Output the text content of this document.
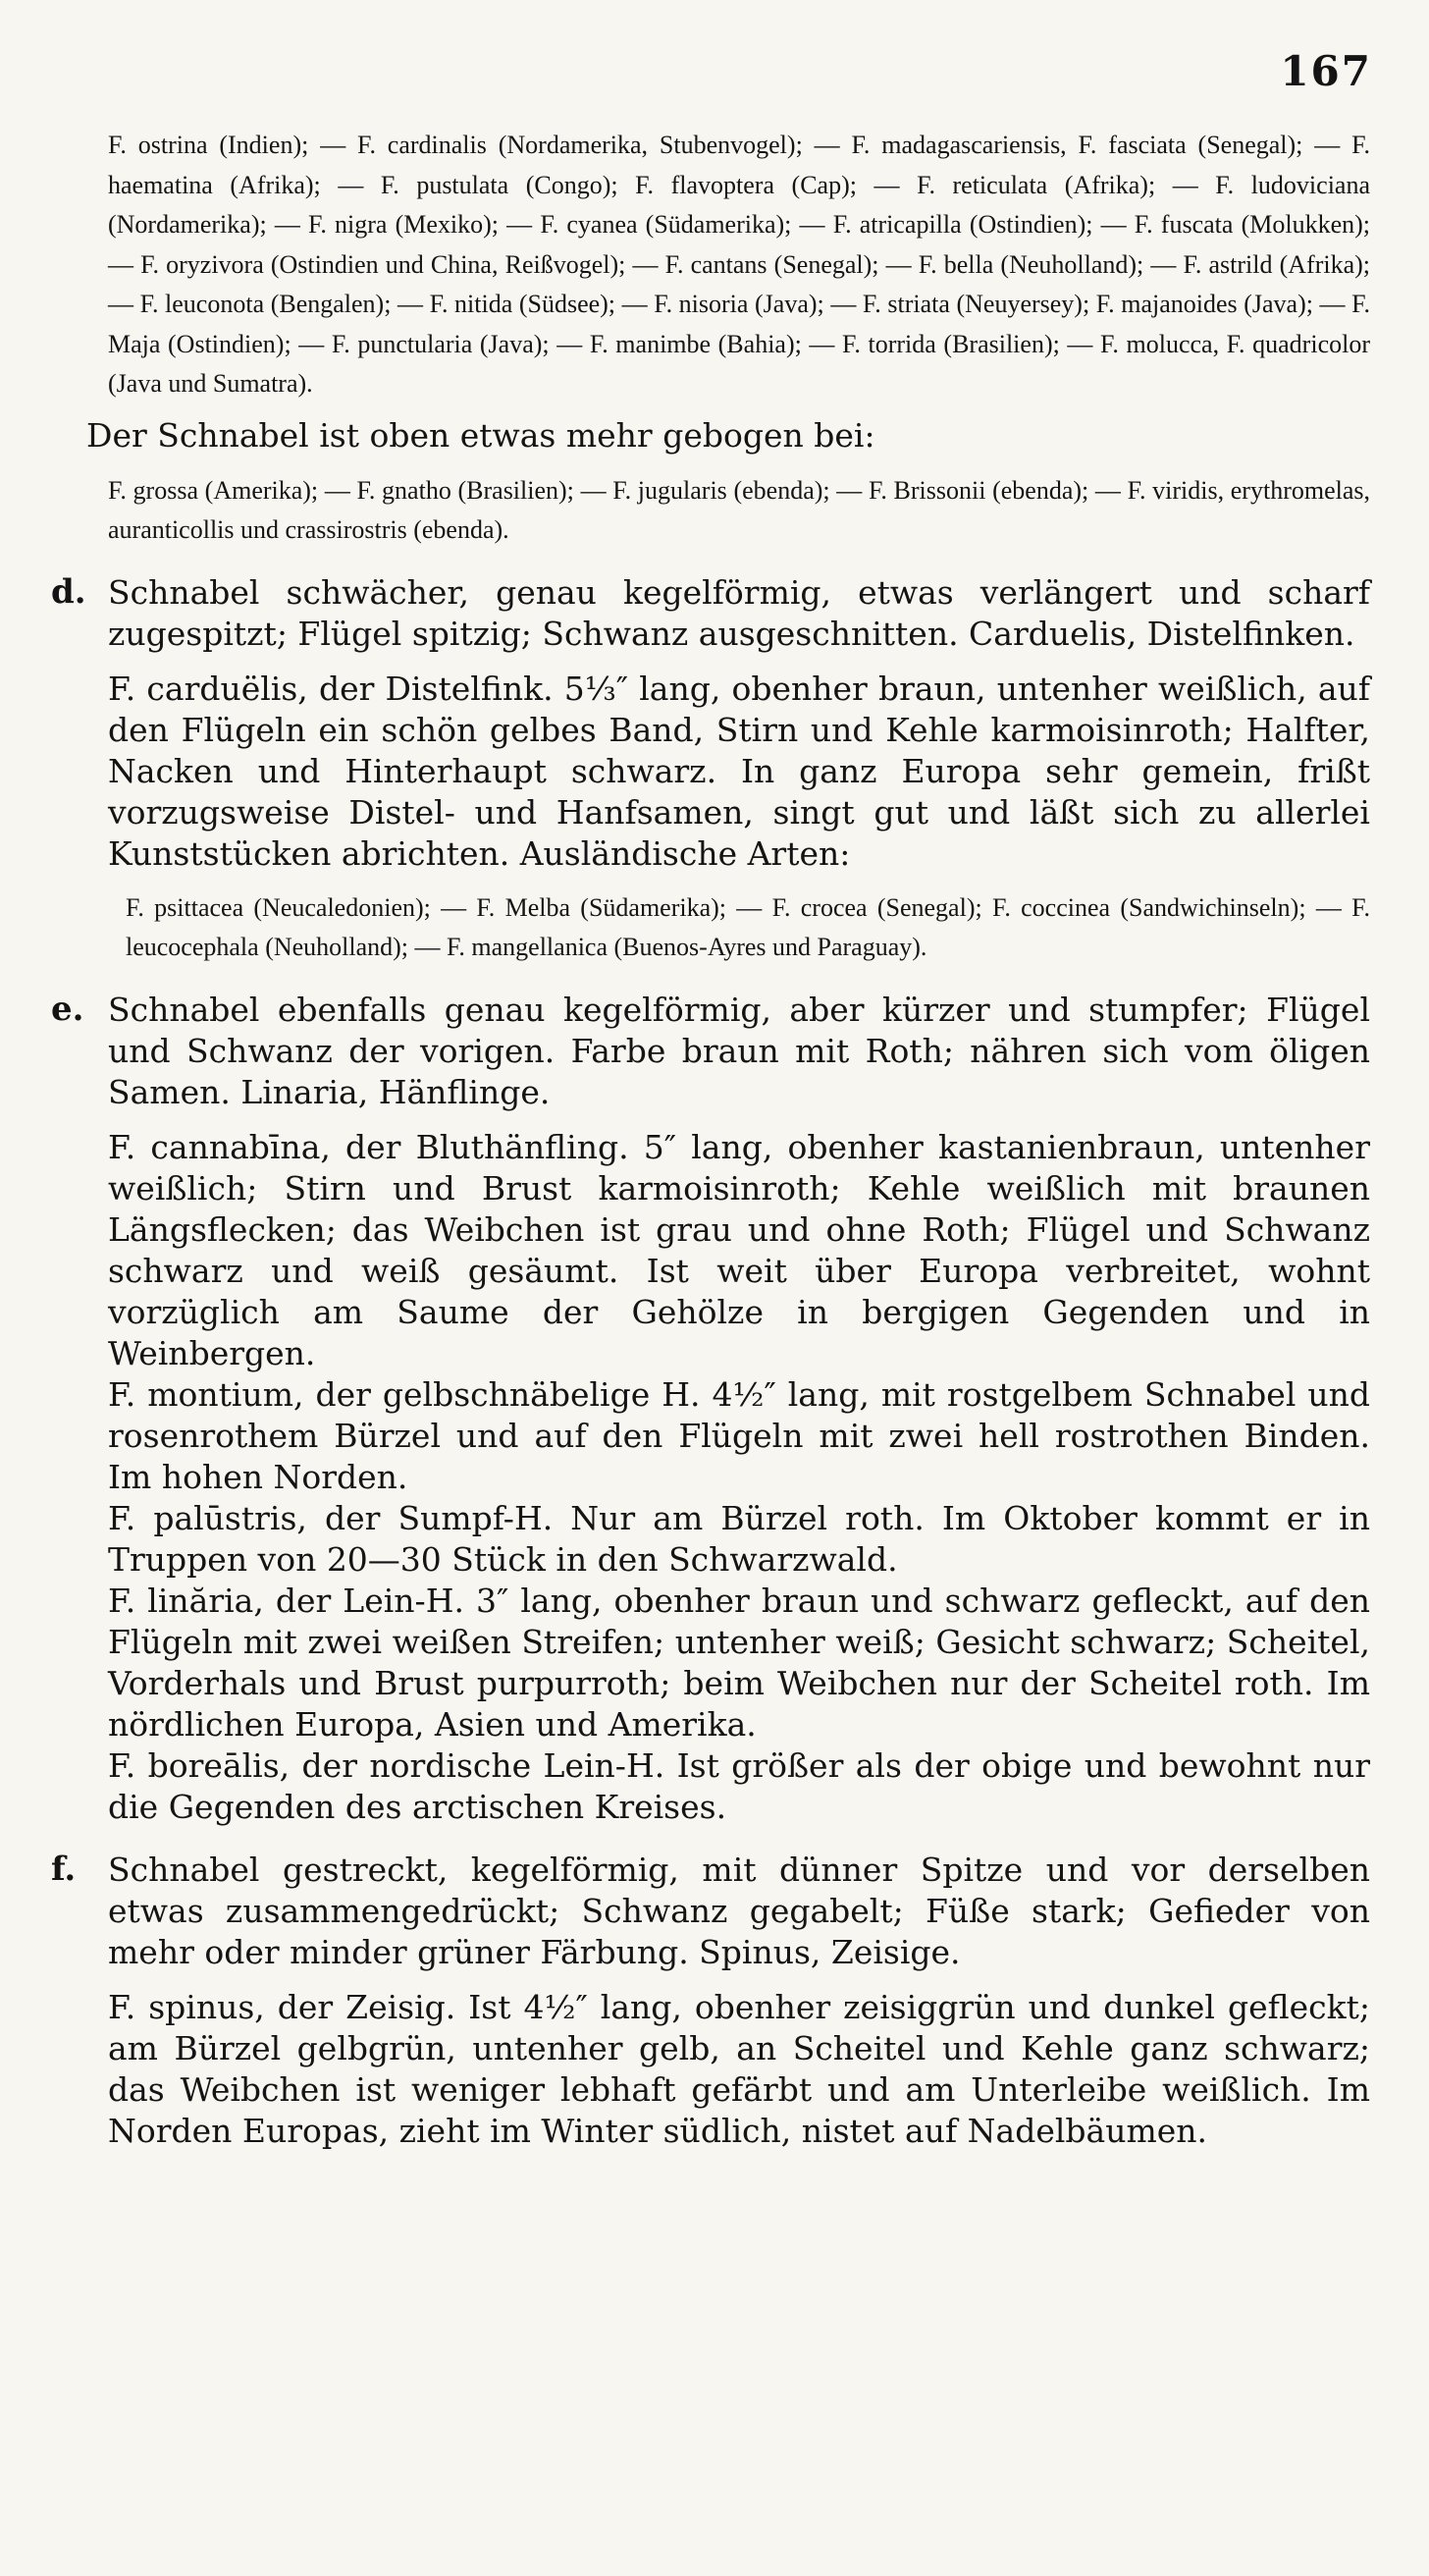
167

F. ostrina (Indien); — F. cardinalis (Nordamerika, Stubenvogel); — F. madagascariensis, F. fasciata (Senegal); — F. haematina (Afrika); — F. pustulata (Congo); F. flavoptera (Cap); — F. reticulata (Afrika); — F. ludoviciana (Nordamerika); — F. nigra (Mexiko); — F. cyanea (Südamerika); — F. atricapilla (Ostindien); — F. fuscata (Molukken); — F. oryzivora (Ostindien und China, Reißvogel); — F. cantans (Senegal); — F. bella (Neuholland); — F. astrild (Afrika); — F. leuconota (Bengalen); — F. nitida (Südsee); — F. nisoria (Java); — F. striata (Neuyersey); F. majanoides (Java); — F. Maja (Ostindien); — F. punctularia (Java); — F. manimbe (Bahia); — F. torrida (Brasilien); — F. molucca, F. quadricolor (Java und Sumatra).

Der Schnabel ist oben etwas mehr gebogen bei:

F. grossa (Amerika); — F. gnatho (Brasilien); — F. jugularis (ebenda); — F. Brissonii (ebenda); — F. viridis, erythromelas, auranticollis und crassirostris (ebenda).

d. Schnabel schwächer, genau kegelförmig, etwas verlängert und scharf zugespitzt; Flügel spitzig; Schwanz ausgeschnitten. Carduelis, Distelfinken.

F. carduëlis, der Distelfink. 5⅓″ lang, obenher braun, untenher weißlich, auf den Flügeln ein schön gelbes Band, Stirn und Kehle karmoisinroth; Halfter, Nacken und Hinterhaupt schwarz. In ganz Europa sehr gemein, frißt vorzugsweise Distel- und Hanfsamen, singt gut und läßt sich zu allerlei Kunststücken abrichten. Ausländische Arten:

F. psittacea (Neucaledonien); — F. Melba (Südamerika); — F. crocea (Senegal); F. coccinea (Sandwichinseln); — F. leucocephala (Neuholland); — F. mangellanica (Buenos-Ayres und Paraguay).

e. Schnabel ebenfalls genau kegelförmig, aber kürzer und stumpfer; Flügel und Schwanz der vorigen. Farbe braun mit Roth; nähren sich vom öligen Samen. Linaria, Hänflinge.

F. cannabīna, der Bluthänfling. 5″ lang, obenher kastanienbraun, untenher weißlich; Stirn und Brust karmoisinroth; Kehle weißlich mit braunen Längsflecken; das Weibchen ist grau und ohne Roth; Flügel und Schwanz schwarz und weiß gesäumt. Ist weit über Europa verbreitet, wohnt vorzüglich am Saume der Gehölze in bergigen Gegenden und in Weinbergen.

F. montium, der gelbschnäbelige H. 4½″ lang, mit rostgelbem Schnabel und rosenrothem Bürzel und auf den Flügeln mit zwei hell rostrothen Binden. Im hohen Norden.

F. palūstris, der Sumpf-H. Nur am Bürzel roth. Im Oktober kommt er in Truppen von 20—30 Stück in den Schwarzwald.

F. linăria, der Lein-H. 3″ lang, obenher braun und schwarz gefleckt, auf den Flügeln mit zwei weißen Streifen; untenher weiß; Gesicht schwarz; Scheitel, Vorderhals und Brust purpurroth; beim Weibchen nur der Scheitel roth. Im nördlichen Europa, Asien und Amerika.

F. boreālis, der nordische Lein-H. Ist größer als der obige und bewohnt nur die Gegenden des arctischen Kreises.

f. Schnabel gestreckt, kegelförmig, mit dünner Spitze und vor derselben etwas zusammengedrückt; Schwanz gegabelt; Füße stark; Gefieder von mehr oder minder grüner Färbung. Spinus, Zeisige.

F. spinus, der Zeisig. Ist 4½″ lang, obenher zeisiggrün und dunkel gefleckt; am Bürzel gelbgrün, untenher gelb, an Scheitel und Kehle ganz schwarz; das Weibchen ist weniger lebhaft gefärbt und am Unterleibe weißlich. Im Norden Europas, zieht im Winter südlich, nistet auf Nadelbäumen.
